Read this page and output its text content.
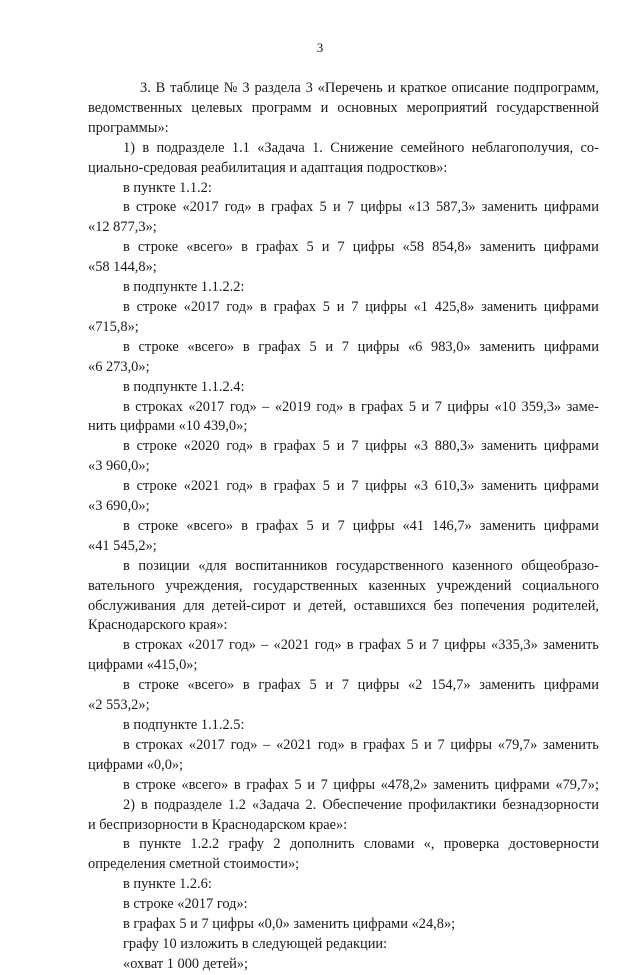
3
3. В таблице № 3 раздела 3 «Перечень и краткое описание подпрограмм,
ведомственных целевых программ и основных мероприятий государственной
программы»:
1) в подразделе 1.1 «Задача 1. Снижение семейного неблагополучия, со-
циально-средовая реабилитация и адаптация подростков»:
в пункте 1.1.2:
в строке «2017 год» в графах 5 и 7 цифры «13 587,3» заменить цифрами
«12 877,3»;
в строке «всего» в графах 5 и 7 цифры «58 854,8» заменить цифрами
«58 144,8»;
в подпункте 1.1.2.2:
в строке «2017 год» в графах 5 и 7 цифры «1 425,8» заменить цифрами
«715,8»;
в строке «всего» в графах 5 и 7 цифры «6 983,0» заменить цифрами
«6 273,0»;
в подпункте 1.1.2.4:
в строках «2017 год» – «2019 год» в графах 5 и 7 цифры «10 359,3» заме-
нить цифрами «10 439,0»;
в строке «2020 год» в графах 5 и 7 цифры «3 880,3» заменить цифрами
«3 960,0»;
в строке «2021 год» в графах 5 и 7 цифры «3 610,3» заменить цифрами
«3 690,0»;
в строке «всего» в графах 5 и 7 цифры «41 146,7» заменить цифрами
«41 545,2»;
в позиции «для воспитанников государственного казенного общеобразо-
вательного учреждения, государственных казенных учреждений социального
обслуживания для детей-сирот и детей, оставшихся без попечения родителей,
Краснодарского края»:
в строках «2017 год» – «2021 год» в графах 5 и 7 цифры «335,3» заменить
цифрами «415,0»;
в строке «всего» в графах 5 и 7 цифры «2 154,7» заменить цифрами
«2 553,2»;
в подпункте 1.1.2.5:
в строках «2017 год» – «2021 год» в графах 5 и 7 цифры «79,7» заменить
цифрами «0,0»;
в строке «всего» в графах 5 и 7 цифры «478,2» заменить цифрами «79,7»;
2) в подразделе 1.2 «Задача 2. Обеспечение профилактики безнадзорности
и беспризорности в Краснодарском крае»:
в пункте 1.2.2 графу 2 дополнить словами «, проверка достоверности
определения сметной стоимости»;
в пункте 1.2.6:
в строке «2017 год»:
в графах 5 и 7 цифры «0,0» заменить цифрами «24,8»;
графу 10 изложить в следующей редакции:
«охват 1 000 детей»;
